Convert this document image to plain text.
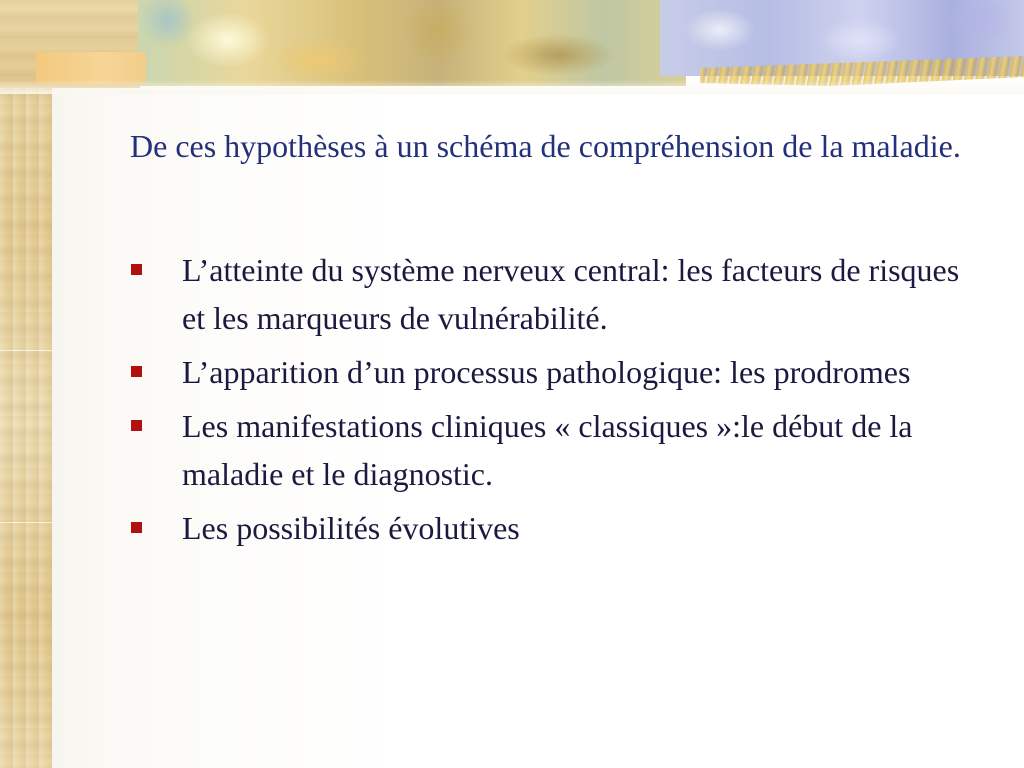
De ces hypothèses à un schéma de compréhension de la maladie.
L’atteinte du système nerveux central: les facteurs de risques et les marqueurs de vulnérabilité.
L’apparition d’un processus pathologique: les prodromes
Les manifestations cliniques « classiques »:le début de la maladie et le diagnostic.
Les possibilités évolutives
